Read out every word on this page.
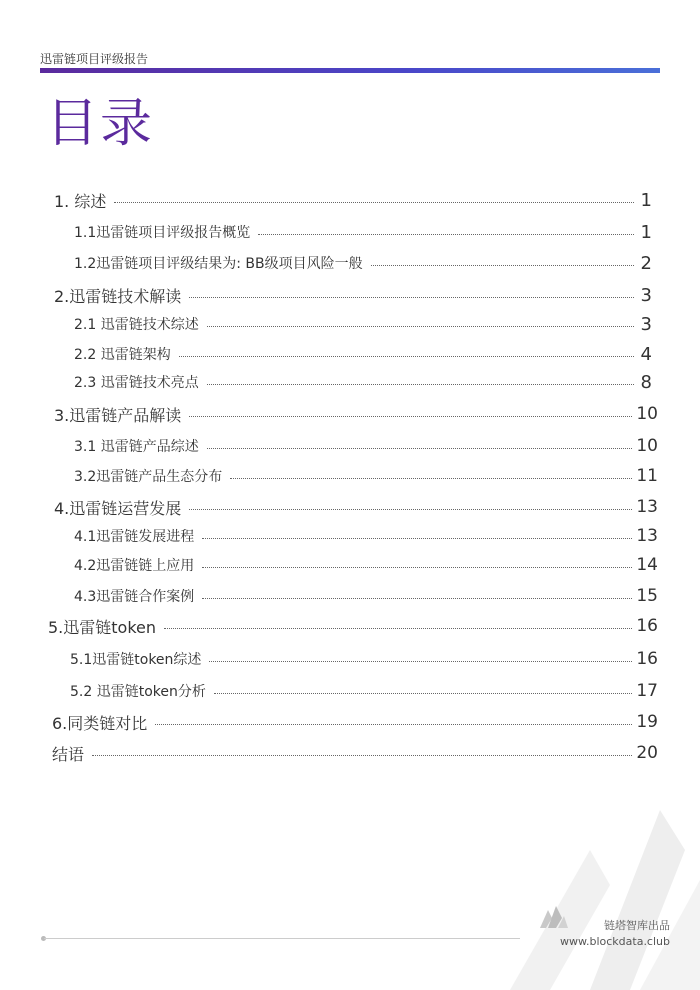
迅雷链项目评级报告
目录
1. 综述	1
1.1迅雷链项目评级报告概览	1
1.2迅雷链项目评级结果为: BB级项目风险一般	2
2.迅雷链技术解读	3
2.1 迅雷链技术综述	3
2.2 迅雷链架构	4
2.3 迅雷链技术亮点	8
3.迅雷链产品解读	10
3.1 迅雷链产品综述	10
3.2迅雷链产品生态分布	11
4.迅雷链运营发展	13
4.1迅雷链发展进程	13
4.2迅雷链链上应用	14
4.3迅雷链合作案例	15
5.迅雷链token	16
5.1迅雷链token综述	16
5.2 迅雷链token分析	17
6.同类链对比	19
结语	20
链塔智库出品
www.blockdata.club
